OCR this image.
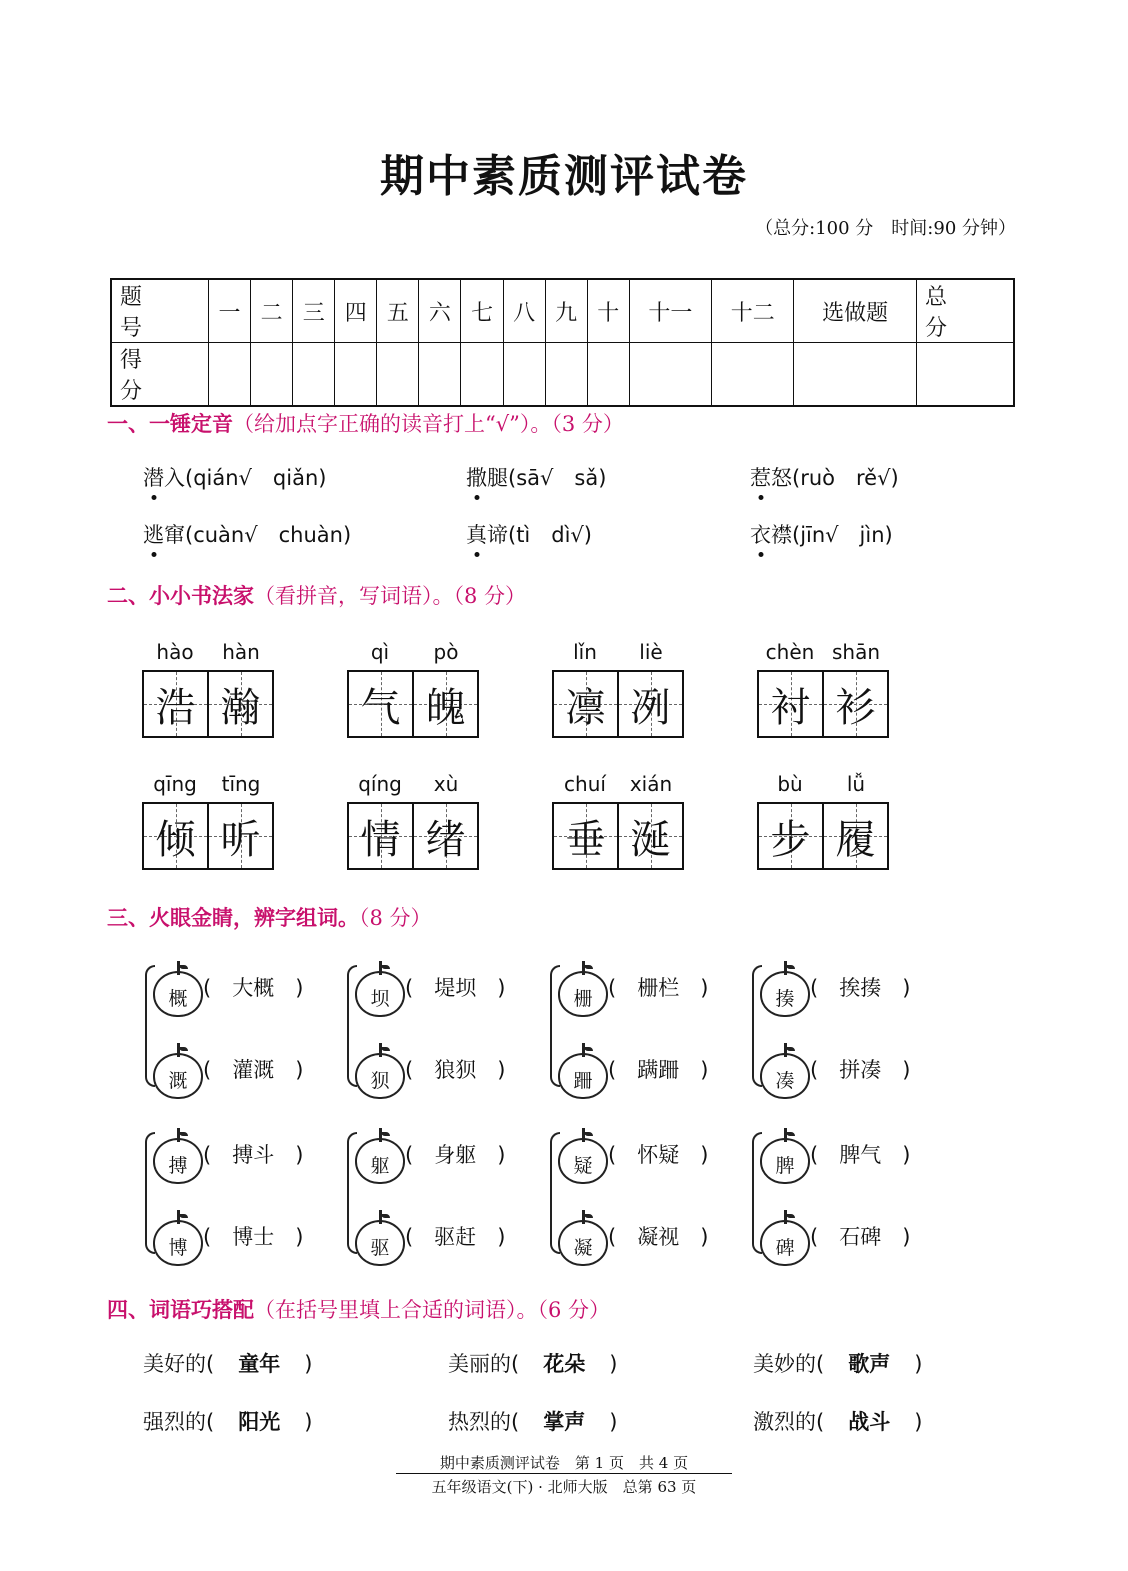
期中素质测评试卷
（总分:100 分　时间:90 分钟）
题　号	一	二	三	四	五	六	七	八	九	十	十一	十二	选做题	总　分
得　分														
一、一锤定音（给加点字正确的读音打上“√”）。（3 分）
潜入(qián√　qiǎn)	撒腿(sā√　sǎ)	惹怒(ruò　rě√)
逃窜(cuàn√　chuàn)	真谛(tì　dì√)	衣襟(jīn√　jìn)
二、小小书法家（看拼音，写词语）。（8 分）
hào hàn
浩 瀚
qì pò
气 魄
lǐn liè
凛 冽
chèn shān
衬 衫
qīng tīng
倾 听
qíng xù
情 绪
chuí xián
垂 涎
bù lǚ
步 履
三、火眼金睛，辨字组词。（8 分）
概 (　大概　)
溉 (　灌溉　)
坝 (　堤坝　)
狈 (　狼狈　)
栅 (　栅栏　)
跚 (　蹒跚　)
揍 (　挨揍　)
凑 (　拼凑　)
搏 (　搏斗　)
博 (　博士　)
躯 (　身躯　)
驱 (　驱赶　)
疑 (　怀疑　)
凝 (　凝视　)
脾 (　脾气　)
碑 (　石碑　)
四、词语巧搭配（在括号里填上合适的词语）。（6 分）
美好的( 童年 )	美丽的( 花朵 )	美妙的( 歌声 )
强烈的( 阳光 )	热烈的( 掌声 )	激烈的( 战斗 )
期中素质测评试卷　第 1 页　共 4 页
五年级语文(下) · 北师大版　总第 63 页
